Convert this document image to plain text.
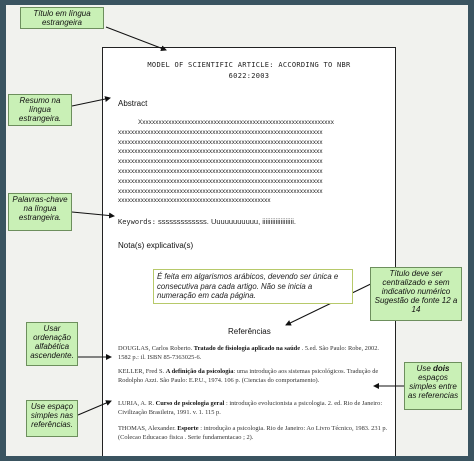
Título em língua estrangeira
Resumo na língua estrangeira.
Palavras-chave na língua estrangeira.
Usar ordenação alfabética ascendente.
Título deve ser centralizado e sem indicativo numérico Sugestão de fonte 12 a 14
Use dois espaços simples entre as referencias
Use espaço simples nas referências.
MODEL OF SCIENTIFIC ARTICLE: ACCORDING TO NBR
6022:2003
Abstract
Xxxxxxxxxxxxxxxxxxxxxxxxxxxxxxxxxxxxxxxxxxxxxxxxxxxxxxxxxxxx
xxxxxxxxxxxxxxxxxxxxxxxxxxxxxxxxxxxxxxxxxxxxxxxxxxxxxxxxxxxxxxx
xxxxxxxxxxxxxxxxxxxxxxxxxxxxxxxxxxxxxxxxxxxxxxxxxxxxxxxxxxxxxxx
xxxxxxxxxxxxxxxxxxxxxxxxxxxxxxxxxxxxxxxxxxxxxxxxxxxxxxxxxxxxxxx
xxxxxxxxxxxxxxxxxxxxxxxxxxxxxxxxxxxxxxxxxxxxxxxxxxxxxxxxxxxxxxx
xxxxxxxxxxxxxxxxxxxxxxxxxxxxxxxxxxxxxxxxxxxxxxxxxxxxxxxxxxxxxxx
xxxxxxxxxxxxxxxxxxxxxxxxxxxxxxxxxxxxxxxxxxxxxxxxxxxxxxxxxxxxxxx
xxxxxxxxxxxxxxxxxxxxxxxxxxxxxxxxxxxxxxxxxxxxxxxxxxxxxxxxxxxxxxx
xxxxxxxxxxxxxxxxxxxxxxxxxxxxxxxxxxxxxxxxxxxxxxx
Keywords: sssssssssssss. Uuuuuuuuuuu, iiiiiiiiiiiiiiiiiii.
Nota(s) explicativa(s)
É feita em algarismos arábicos, devendo ser única e consecutiva para cada artigo. Não se inicia a numeração em cada página.
Referências
DOUGLAS, Carlos Roberto. Tratado de fisiologia aplicado na saúde . 5.ed. São Paulo: Robe, 2002. 1582 p.: il. ISBN 85-7363025-6.
KELLER, Fred S. A definição da psicologia: uma introdução aos sistemas psicológicos. Tradução de Rodolpho Azzi. São Paulo: E.P.U., 1974. 106 p. (Ciencias do comportamento).
LURIA, A. R. Curso de psicologia geral : introdução evolucionista a psicologia. 2. ed. Rio de Janeiro: Civilização Brasileira, 1991. v. 1. 115 p.
THOMAS, Alexander. Esporte : introdução a psicologia. Rio de Janeiro: Ao Livro Técnico, 1983. 231 p. (Colecao Educacao fisica . Serie fundamentacao ; 2).
